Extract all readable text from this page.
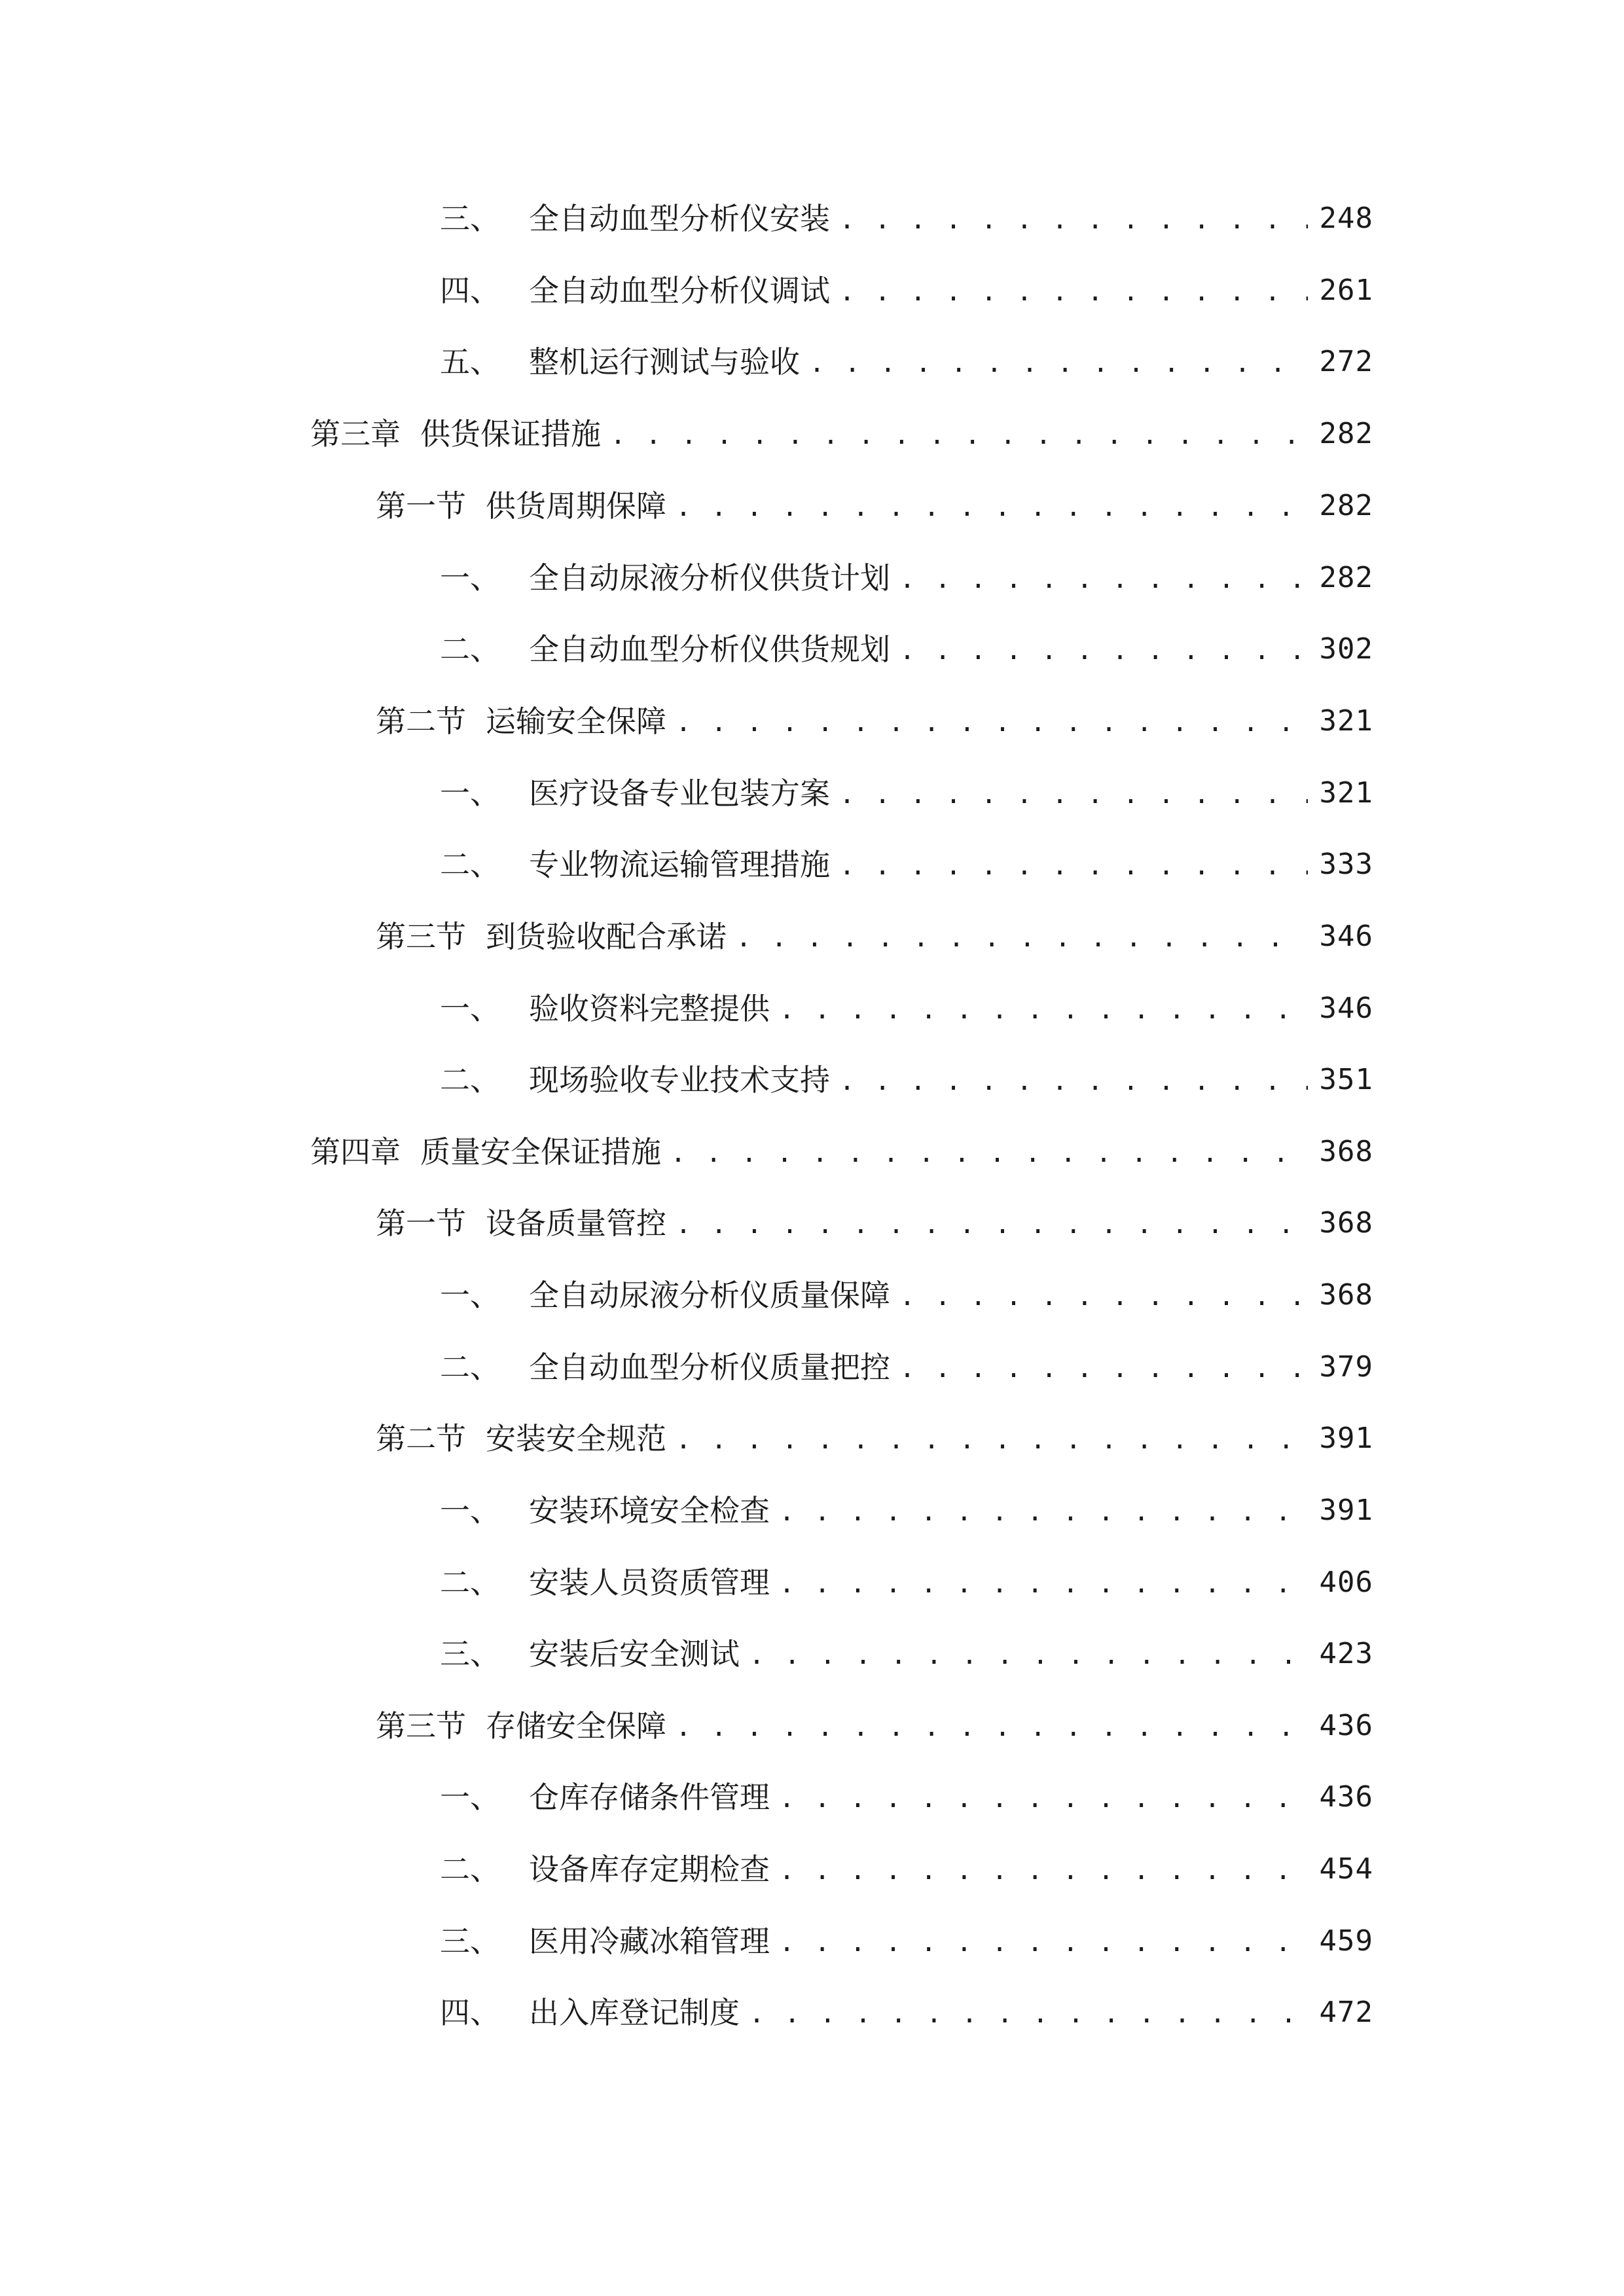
三、 全自动血型分析仪安装 . . .	248
四、 全自动血型分析仪调试 . . .	261
五、 整机运行测试与验收 . . .	272
第三章 供货保证措施 . . .	282
第一节 供货周期保障 . . .	282
一、 全自动尿液分析仪供货计划 . . .	282
二、 全自动血型分析仪供货规划 . . .	302
第二节 运输安全保障 . . .	321
一、 医疗设备专业包装方案 . . .	321
二、 专业物流运输管理措施 . . .	333
第三节 到货验收配合承诺 . . .	346
一、 验收资料完整提供 . . .	346
二、 现场验收专业技术支持 . . .	351
第四章 质量安全保证措施 . . .	368
第一节 设备质量管控 . . .	368
一、 全自动尿液分析仪质量保障 . . .	368
二、 全自动血型分析仪质量把控 . . .	379
第二节 安装安全规范 . . .	391
一、 安装环境安全检查 . . .	391
二、 安装人员资质管理 . . .	406
三、 安装后安全测试 . . .	423
第三节 存储安全保障 . . .	436
一、 仓库存储条件管理 . . .	436
二、 设备库存定期检查 . . .	454
三、 医用冷藏冰箱管理 . . .	459
四、 出入库登记制度 . . .	472
